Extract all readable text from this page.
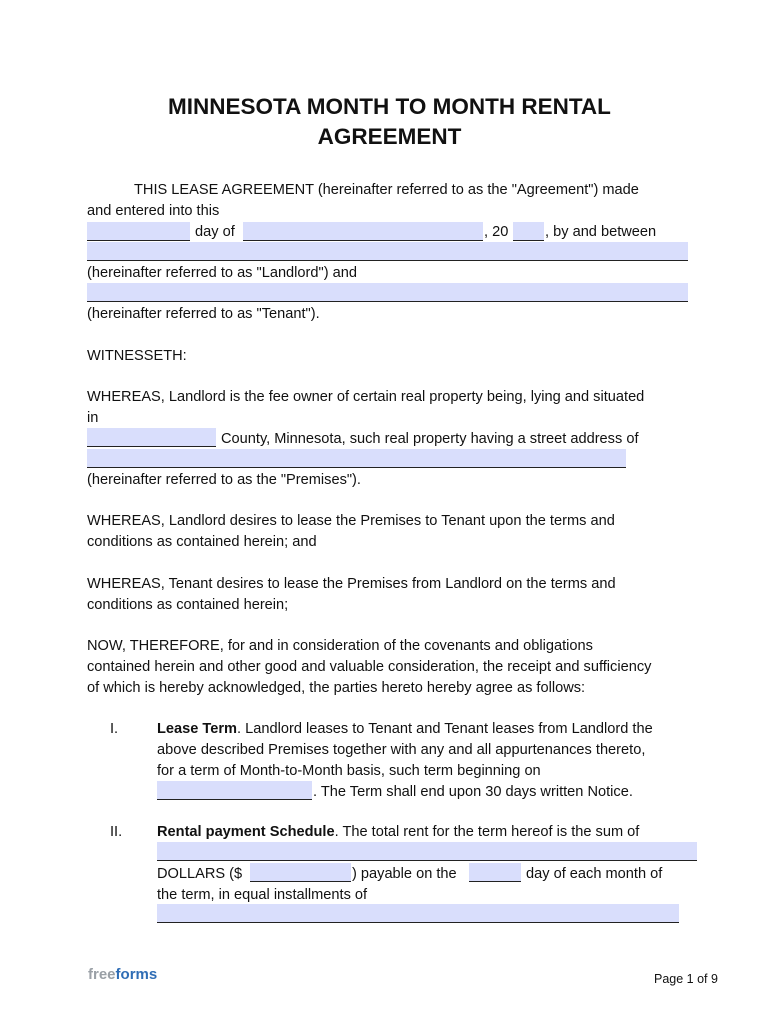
MINNESOTA MONTH TO MONTH RENTAL
AGREEMENT
THIS LEASE AGREEMENT (hereinafter referred to as the "Agreement") made
and entered into this
day of	, 20	, by and between
(hereinafter referred to as "Landlord") and
(hereinafter referred to as "Tenant").
WITNESSETH:
WHEREAS, Landlord is the fee owner of certain real property being, lying and situated
in
County, Minnesota, such real property having a street address of
(hereinafter referred to as the "Premises").
WHEREAS, Landlord desires to lease the Premises to Tenant upon the terms and
conditions as contained herein; and
WHEREAS, Tenant desires to lease the Premises from Landlord on the terms and
conditions as contained herein;
NOW, THEREFORE, for and in consideration of the covenants and obligations
contained herein and other good and valuable consideration, the receipt and sufficiency
of which is hereby acknowledged, the parties hereto hereby agree as follows:
I.	Lease Term. Landlord leases to Tenant and Tenant leases from Landlord the
above described Premises together with any and all appurtenances thereto,
for a term of Month-to-Month basis, such term beginning on
. The Term shall end upon 30 days written Notice.
II. Rental payment Schedule. The total rent for the term hereof is the sum of
DOLLARS ($	) payable on the	day of each month of
the term, in equal installments of
freeforms	Page 1 of 9
